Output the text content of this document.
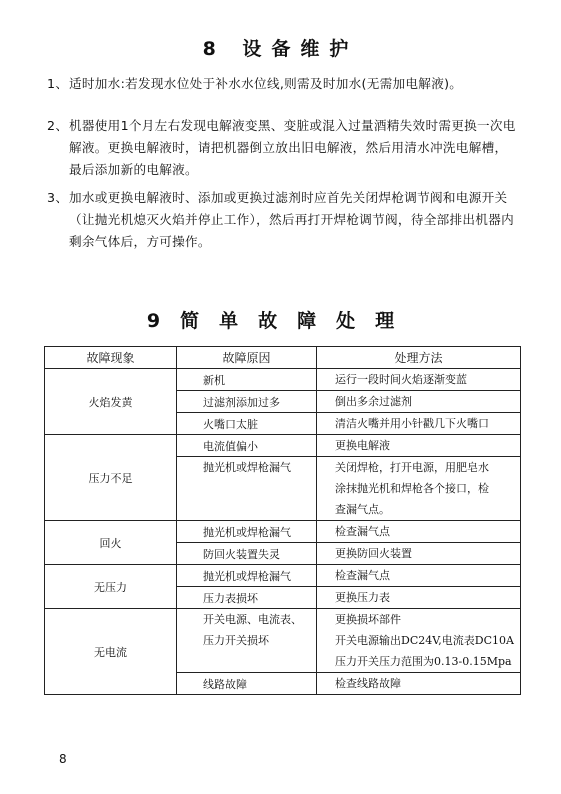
8 设备维护
1、 适时加水:若发现水位处于补水水位线,则需及时加水(无需加电解液)。
2、 机器使用1个月左右发现电解液变黑、变脏或混入过量酒精失效时需更换一次电解液。更换电解液时，请把机器倒立放出旧电解液，然后用清水冲洗电解槽，最后添加新的电解液。
3、 加水或更换电解液时、添加或更换过滤剂时应首先关闭焊枪调节阀和电源开关（让抛光机熄灭火焰并停止工作），然后再打开焊枪调节阀，待全部排出机器内剩余气体后，方可操作。
9简单故障处理
故障现象	故障原因	处理方法
火焰发黄	新机	运行一段时间火焰逐渐变蓝

	过滤剂添加过多	倒出多余过滤剂

	火嘴口太脏	清洁火嘴并用小针戳几下火嘴口

压力不足	电流值偏小	更换电解液

	抛光机或焊枪漏气	关闭焊枪，打开电源，用肥皂水
涂抹抛光机和焊枪各个接口，检
查漏气点。

回火	抛光机或焊枪漏气	检查漏气点

	防回火装置失灵	更换防回火装置

无压力	抛光机或焊枪漏气	检查漏气点

	压力表损坏	更换压力表

无电流	开关电源、电流表、压力开关损坏	更换损坏部件
开关电源输出DC24V,电流表DC10A
压力开关压力范围为0.13-0.15Mpa

	线路故障	检查线路故障
8
